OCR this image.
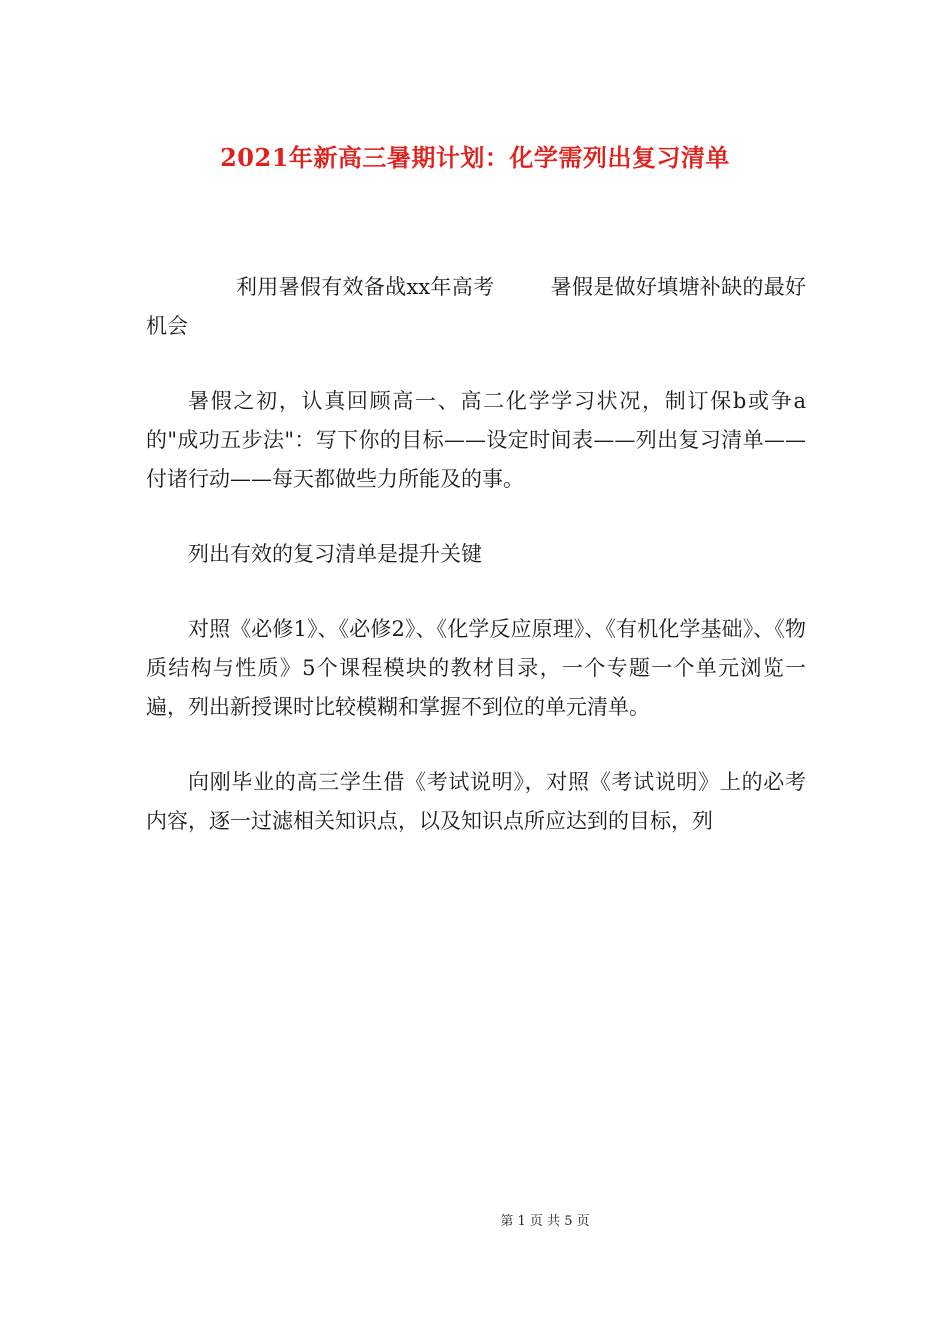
2021年新高三暑期计划：化学需列出复习清单

利用暑假有效备战xx年高考	暑假是做好填塘补缺的最好机会

暑假之初，认真回顾高一、高二化学学习状况，制订保b或争a的"成功五步法"：写下你的目标——设定时间表——列出复习清单——付诸行动——每天都做些力所能及的事。

列出有效的复习清单是提升关键

对照《必修1》、《必修2》、《化学反应原理》、《有机化学基础》、《物质结构与性质》5个课程模块的教材目录，一个专题一个单元浏览一遍，列出新授课时比较模糊和掌握不到位的单元清单。

向刚毕业的高三学生借《考试说明》，对照《考试说明》上的必考内容，逐一过滤相关知识点，以及知识点所应达到的目标，列

第 1 页 共 5 页
